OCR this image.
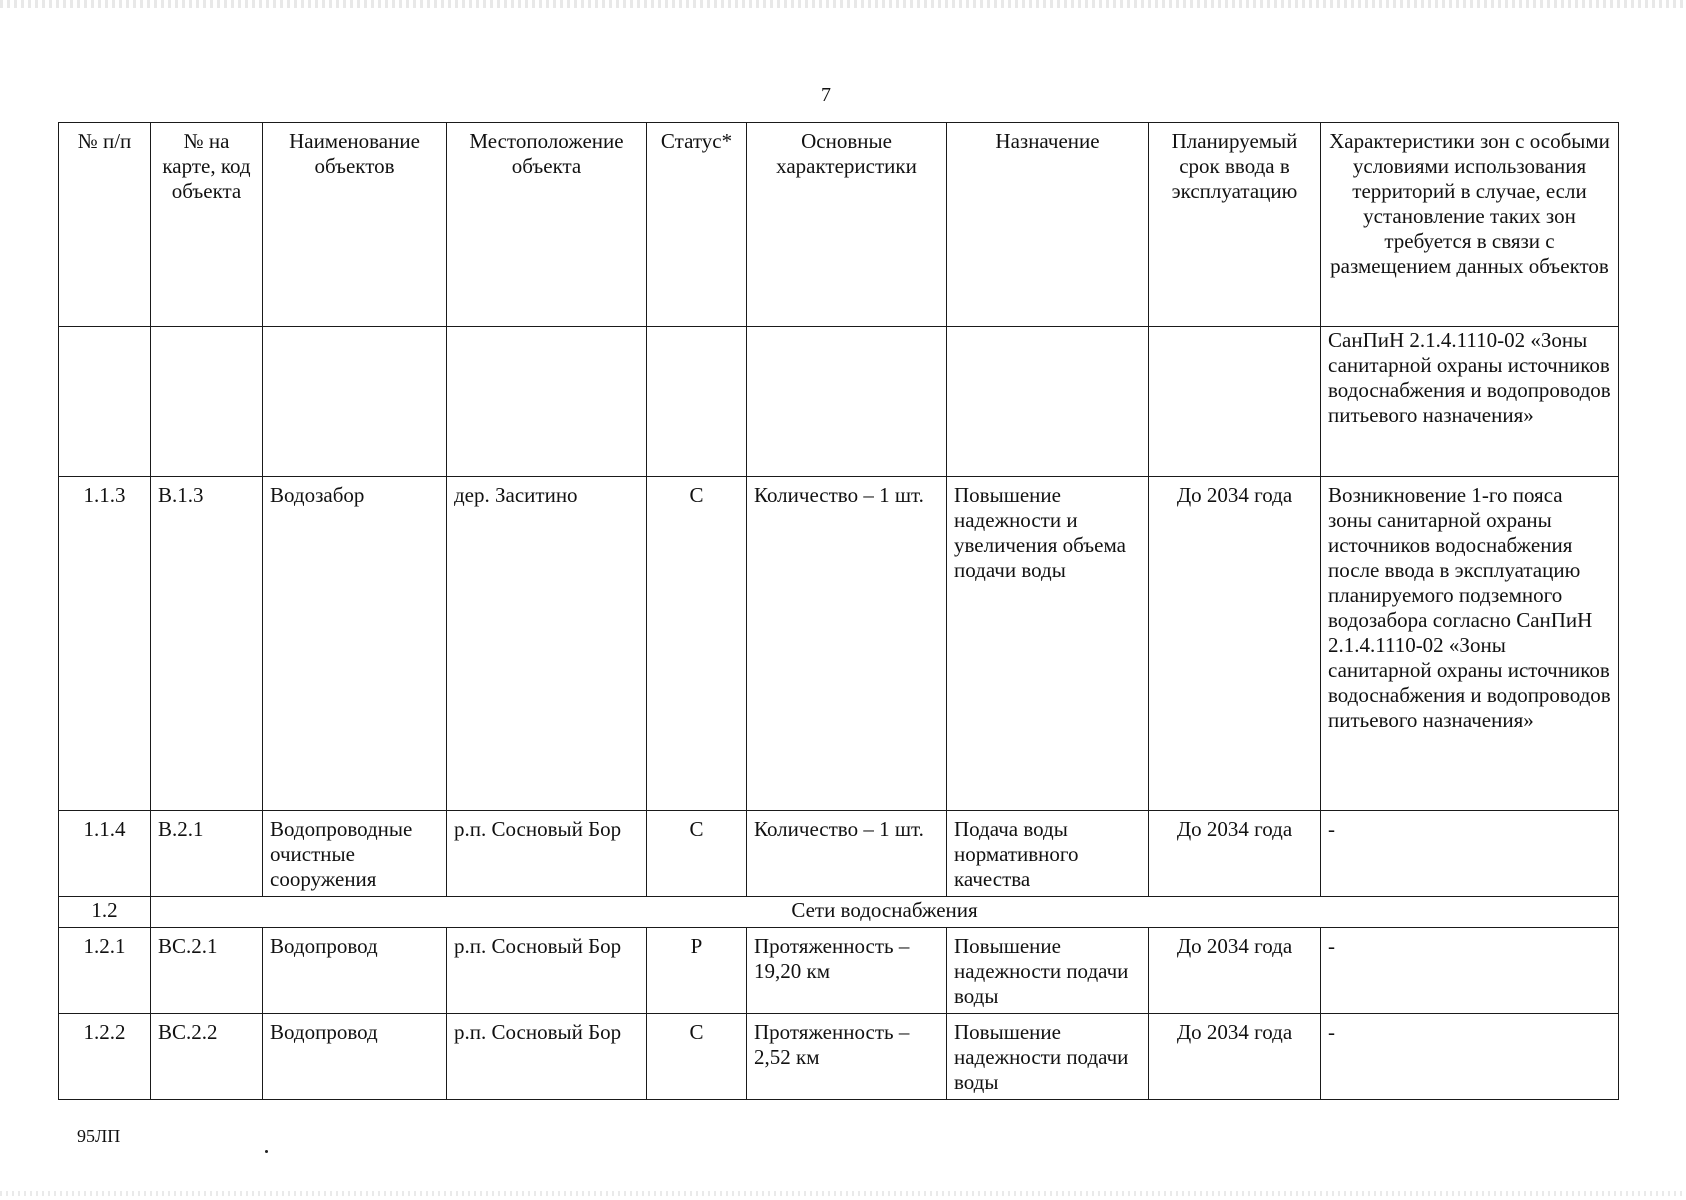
7
№ п/п	№ на карте, код объекта	Наименование объектов	Местоположение объекта	Статус*	Основные характеристики	Назначение	Планируемый срок ввода в эксплуатацию	Характеристики зон с особыми условиями использования территорий в случае, если установление таких зон требуется в связи с размещением данных объектов
								СанПиН 2.1.4.1110-02 «Зоны санитарной охраны источников водоснабжения и водопроводов питьевого назначения»
1.1.3	В.1.3	Водозабор	дер. Заситино	С	Количество – 1 шт.	Повышение надежности и увеличения объема подачи воды	До 2034 года	Возникновение 1-го пояса зоны санитарной охраны источников водоснабжения после ввода в эксплуатацию планируемого подземного водозабора согласно СанПиН 2.1.4.1110-02 «Зоны санитарной охраны источников водоснабжения и водопроводов питьевого назначения»
1.1.4	В.2.1	Водопроводные очистные сооружения	р.п. Сосновый Бор	С	Количество – 1 шт.	Подача воды нормативного качества	До 2034 года	-
1.2	Сети водоснабжения							
1.2.1	ВС.2.1	Водопровод	р.п. Сосновый Бор	Р	Протяженность – 19,20 км	Повышение надежности подачи воды	До 2034 года	-
1.2.2	ВС.2.2	Водопровод	р.п. Сосновый Бор	С	Протяженность – 2,52 км	Повышение надежности подачи воды	До 2034 года	-
95ЛП
